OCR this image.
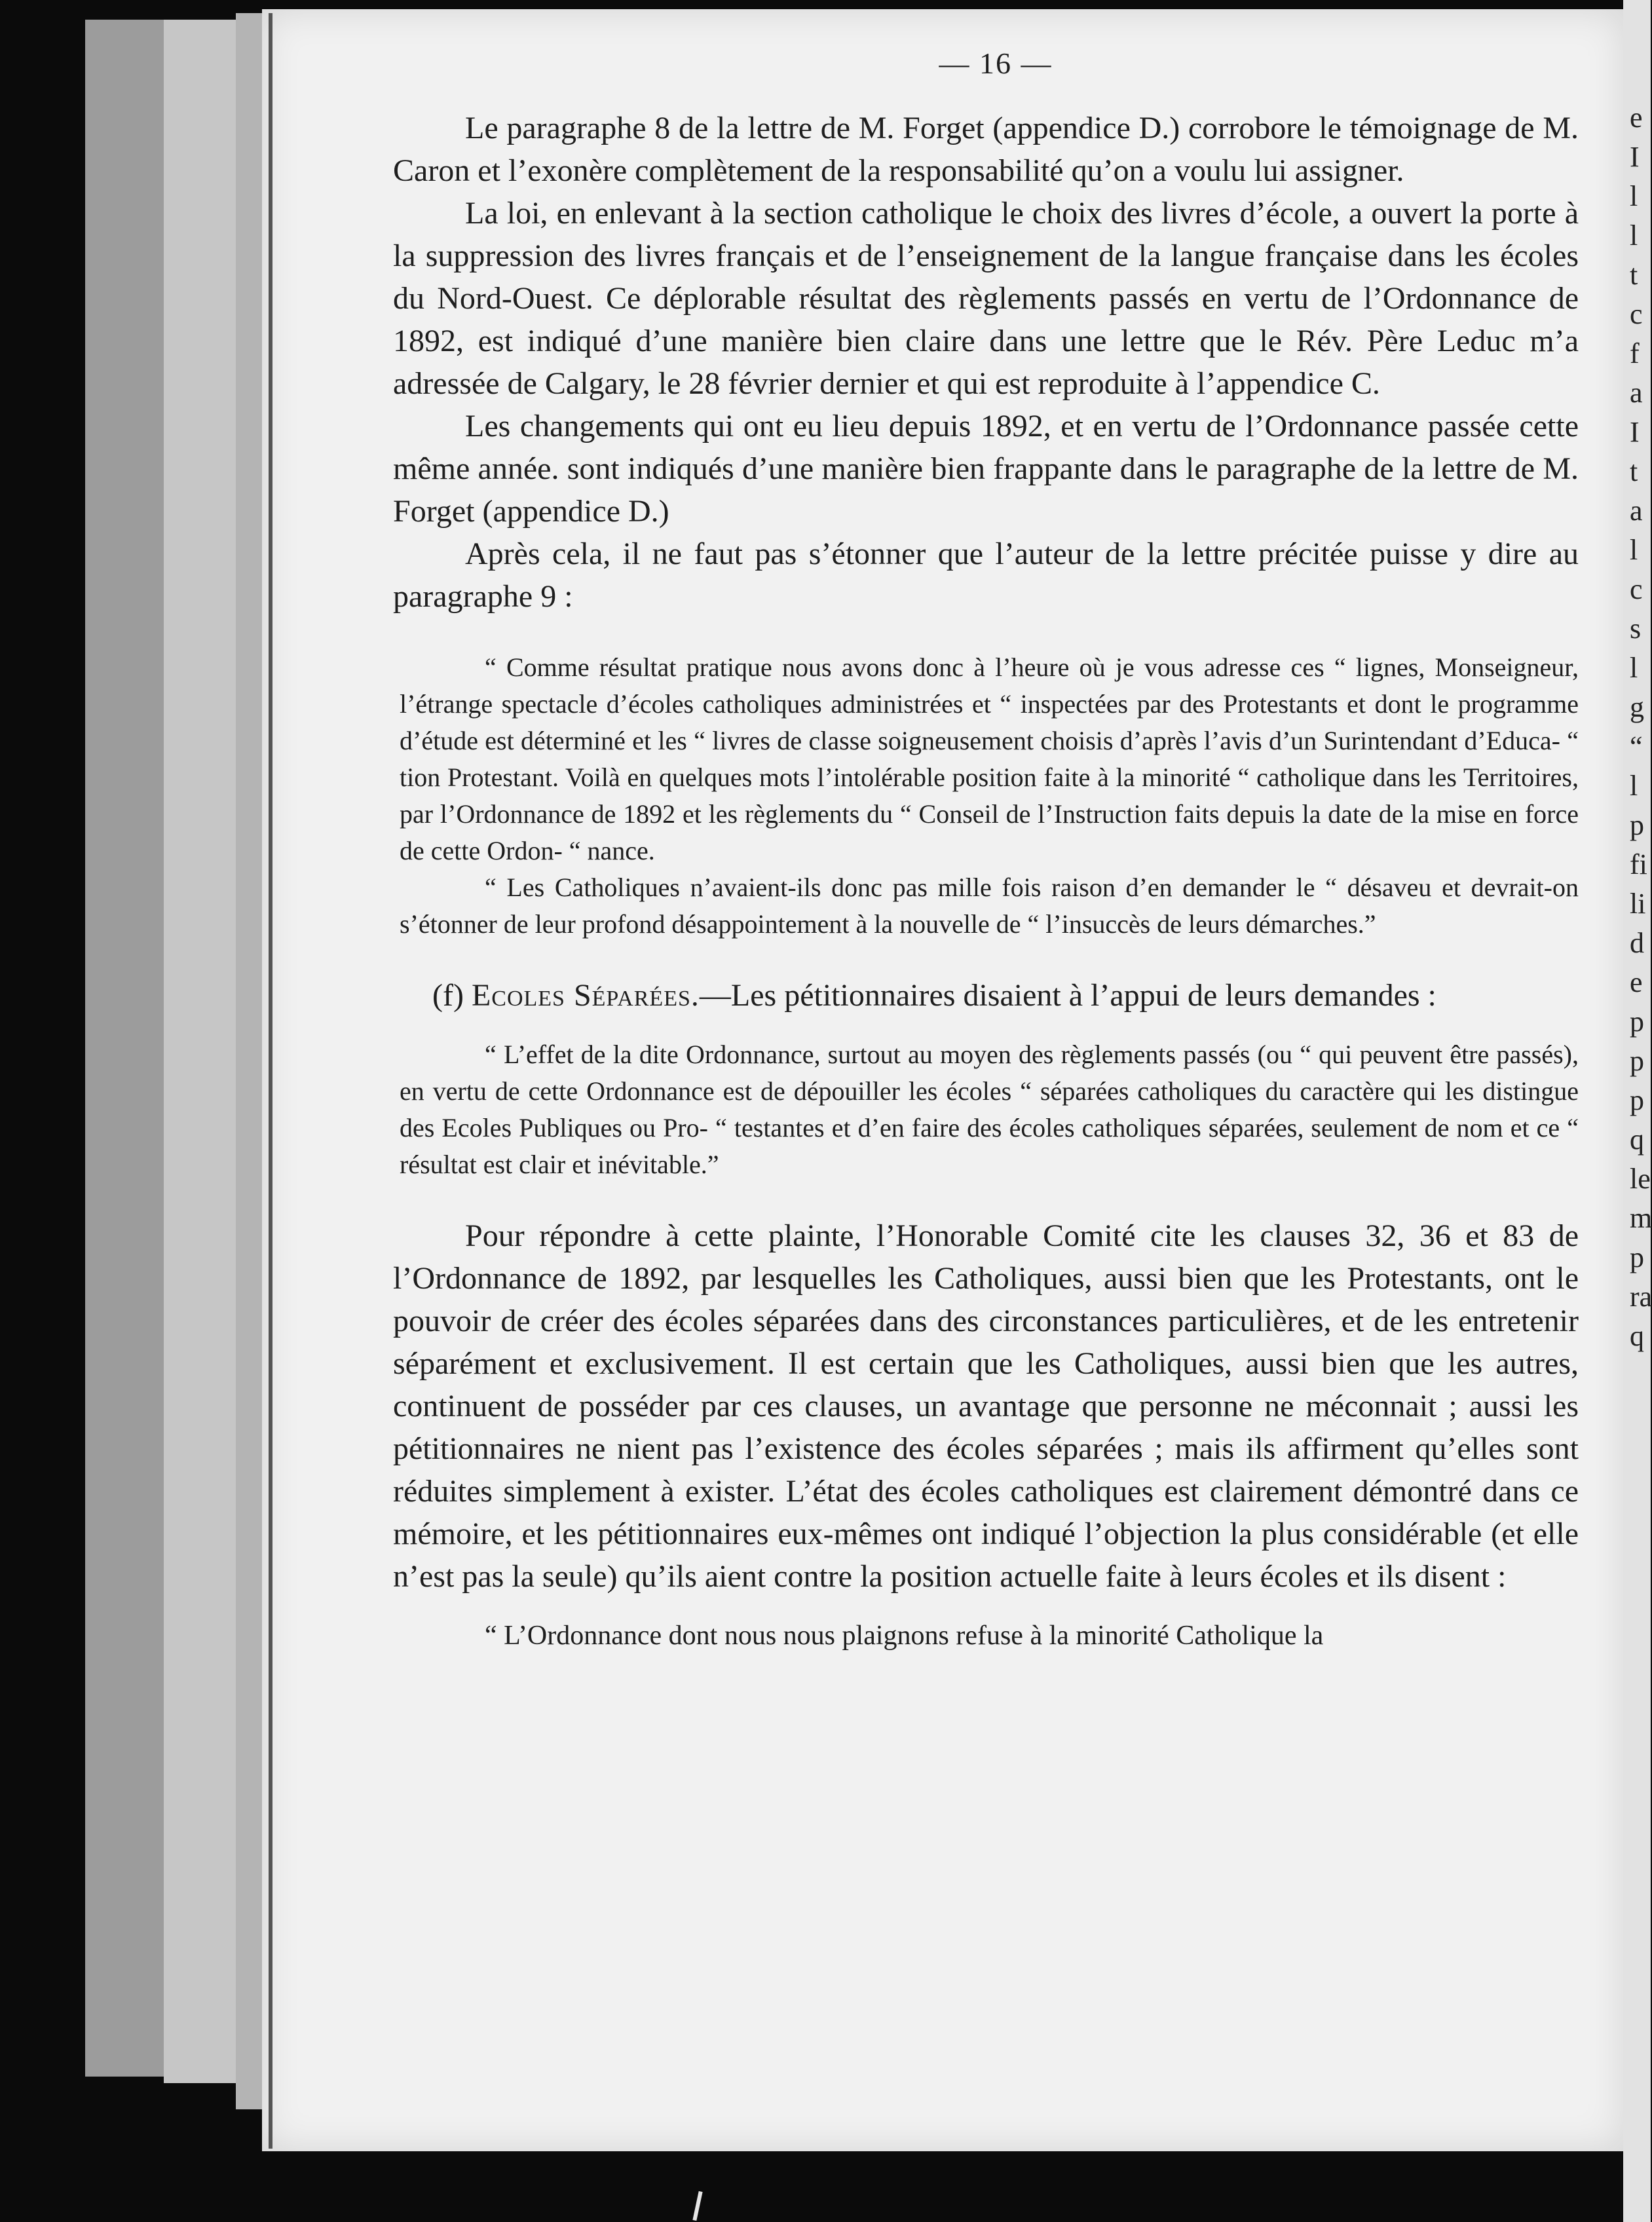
e
I
l
l
t
c
f
a
I
t
a
l
c
s
l
g
“
l
p
fi
li
d
e
p
p
p
q
le
m
p
ra
q
— 16 —

Le paragraphe 8 de la lettre de M. Forget (appendice D.) corrobore le témoignage de M. Caron et l’exonère complètement de la responsabilité qu’on a voulu lui assigner.

La loi, en enlevant à la section catholique le choix des livres d’école, a ouvert la porte à la suppression des livres français et de l’enseignement de la langue française dans les écoles du Nord-Ouest. Ce déplorable résultat des règlements passés en vertu de l’Ordonnance de 1892, est indiqué d’une manière bien claire dans une lettre que le Rév. Père Leduc m’a adressée de Calgary, le 28 février dernier et qui est reproduite à l’appendice C.

Les changements qui ont eu lieu depuis 1892, et en vertu de l’Ordonnance passée cette même année. sont indiqués d’une manière bien frappante dans le paragraphe de la lettre de M. Forget (appendice D.)

Après cela, il ne faut pas s’étonner que l’auteur de la lettre précitée puisse y dire au paragraphe 9 :

“ Comme résultat pratique nous avons donc à l’heure où je vous adresse ces “ lignes, Monseigneur, l’étrange spectacle d’écoles catholiques administrées et “ inspectées par des Protestants et dont le programme d’étude est déterminé et les “ livres de classe soigneusement choisis d’après l’avis d’un Surintendant d’Educa- “ tion Protestant. Voilà en quelques mots l’intolérable position faite à la minorité “ catholique dans les Territoires, par l’Ordonnance de 1892 et les règlements du “ Conseil de l’Instruction faits depuis la date de la mise en force de cette Ordon- “ nance.

“ Les Catholiques n’avaient-ils donc pas mille fois raison d’en demander le “ désaveu et devrait-on s’étonner de leur profond désappointement à la nouvelle de “ l’insuccès de leurs démarches.”

(f) Ecoles Séparées.—Les pétitionnaires disaient à l’appui de leurs demandes :

“ L’effet de la dite Ordonnance, surtout au moyen des règlements passés (ou “ qui peuvent être passés), en vertu de cette Ordonnance est de dépouiller les écoles “ séparées catholiques du caractère qui les distingue des Ecoles Publiques ou Pro- “ testantes et d’en faire des écoles catholiques séparées, seulement de nom et ce “ résultat est clair et inévitable.”

Pour répondre à cette plainte, l’Honorable Comité cite les clauses 32, 36 et 83 de l’Ordonnance de 1892, par lesquelles les Catholiques, aussi bien que les Protestants, ont le pouvoir de créer des écoles séparées dans des circonstances particulières, et de les entretenir séparément et exclusivement. Il est certain que les Catholiques, aussi bien que les autres, continuent de posséder par ces clauses, un avantage que personne ne méconnait ; aussi les pétitionnaires ne nient pas l’existence des écoles séparées ; mais ils affirment qu’elles sont réduites simplement à exister. L’état des écoles catholiques est clairement démontré dans ce mémoire, et les pétitionnaires eux-mêmes ont indiqué l’objection la plus considérable (et elle n’est pas la seule) qu’ils aient contre la position actuelle faite à leurs écoles et ils disent :

“ L’Ordonnance dont nous nous plaignons refuse à la minorité Catholique la
